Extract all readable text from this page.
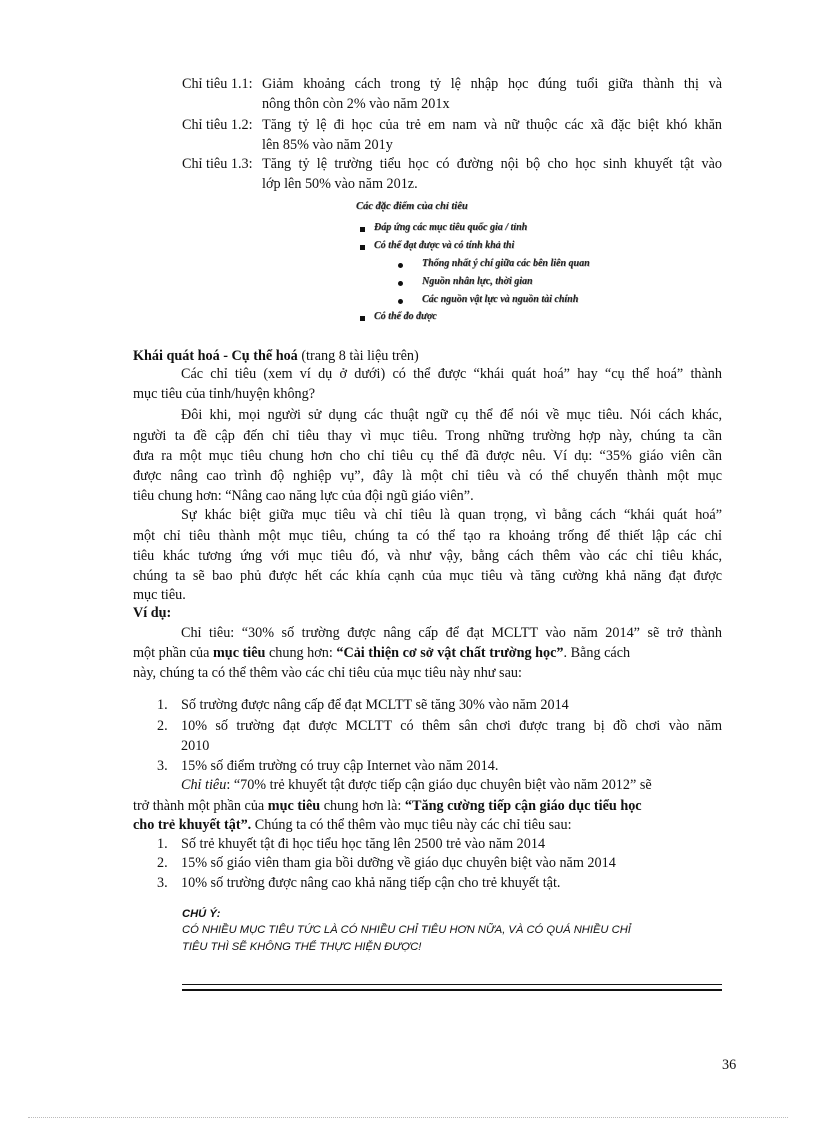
Chỉ tiêu 1.1: Giảm khoảng cách trong tỷ lệ nhập học đúng tuổi giữa thành thị và
nông thôn còn 2% vào năm 201x
Chỉ tiêu 1.2: Tăng tỷ lệ đi học của trẻ em nam và nữ thuộc các xã đặc biệt khó khăn
lên 85% vào năm 201y
Chỉ tiêu 1.3: Tăng tỷ lệ trường tiểu học có đường nội bộ cho học sinh khuyết tật vào
lớp lên 50% vào năm 201z.
Các đặc điểm của chỉ tiêu
Đáp ứng các mục tiêu quốc gia / tỉnh
Có thể đạt được và có tính khả thi
Thống nhất ý chí giữa các bên liên quan
Nguồn nhân lực, thời gian
Các nguồn vật lực và nguồn tài chính
Có thể đo được
Khái quát hoá - Cụ thể hoá (trang 8 tài liệu trên)
Các chỉ tiêu (xem ví dụ ở dưới) có thể được “khái quát hoá” hay “cụ thể hoá” thành
mục tiêu của tỉnh/huyện không?
Đôi khi, mọi người sử dụng các thuật ngữ cụ thể để nói về mục tiêu. Nói cách khác,
người ta đề cập đến chỉ tiêu thay vì mục tiêu. Trong những trường hợp này, chúng ta cần
đưa ra một mục tiêu chung hơn cho chỉ tiêu cụ thể đã được nêu. Ví dụ: “35% giáo viên cần
được nâng cao trình độ nghiệp vụ”, đây là một chỉ tiêu và có thể chuyển thành một mục
tiêu chung hơn: “Nâng cao năng lực của đội ngũ giáo viên”.
Sự khác biệt giữa mục tiêu và chỉ tiêu là quan trọng, vì bằng cách “khái quát hoá”
một chỉ tiêu thành một mục tiêu, chúng ta có thể tạo ra khoảng trống để thiết lập các chỉ
tiêu khác tương ứng với mục tiêu đó, và như vậy, bằng cách thêm vào các chỉ tiêu khác,
chúng ta sẽ bao phủ được hết các khía cạnh của mục tiêu và tăng cường khả năng đạt được
mục tiêu.
Ví dụ:
Chỉ tiêu: “30% số trường được nâng cấp để đạt MCLTT vào năm 2014” sẽ trở thành
một phần của mục tiêu chung hơn: “Cải thiện cơ sở vật chất trường học”. Bằng cách
này, chúng ta có thể thêm vào các chỉ tiêu của mục tiêu này như sau:
1. Số trường được nâng cấp để đạt MCLTT sẽ tăng 30% vào năm 2014
2. 10% số trường đạt được MCLTT có thêm sân chơi được trang bị đồ chơi vào năm
2010
3. 15% số điểm trường có truy cập Internet vào năm 2014.
Chỉ tiêu: “70% trẻ khuyết tật được tiếp cận giáo dục chuyên biệt vào năm 2012” sẽ
trở thành một phần của mục tiêu chung hơn là: “Tăng cường tiếp cận giáo dục tiểu học
cho trẻ khuyết tật”. Chúng ta có thể thêm vào mục tiêu này các chỉ tiêu sau:
1. Số trẻ khuyết tật đi học tiểu học tăng lên 2500 trẻ vào năm 2014
2. 15% số giáo viên tham gia bồi dưỡng về giáo dục chuyên biệt vào năm 2014
3. 10% số trường được nâng cao khả năng tiếp cận cho trẻ khuyết tật.
CHÚ Ý:
CÓ NHIỀU MỤC TIÊU TỨC LÀ CÓ NHIỀU CHỈ TIÊU HƠN NỮA, VÀ CÓ QUÁ NHIỀU CHỈ
TIÊU THÌ SẼ KHÔNG THỂ THỰC HIỆN ĐƯỢC!
36
